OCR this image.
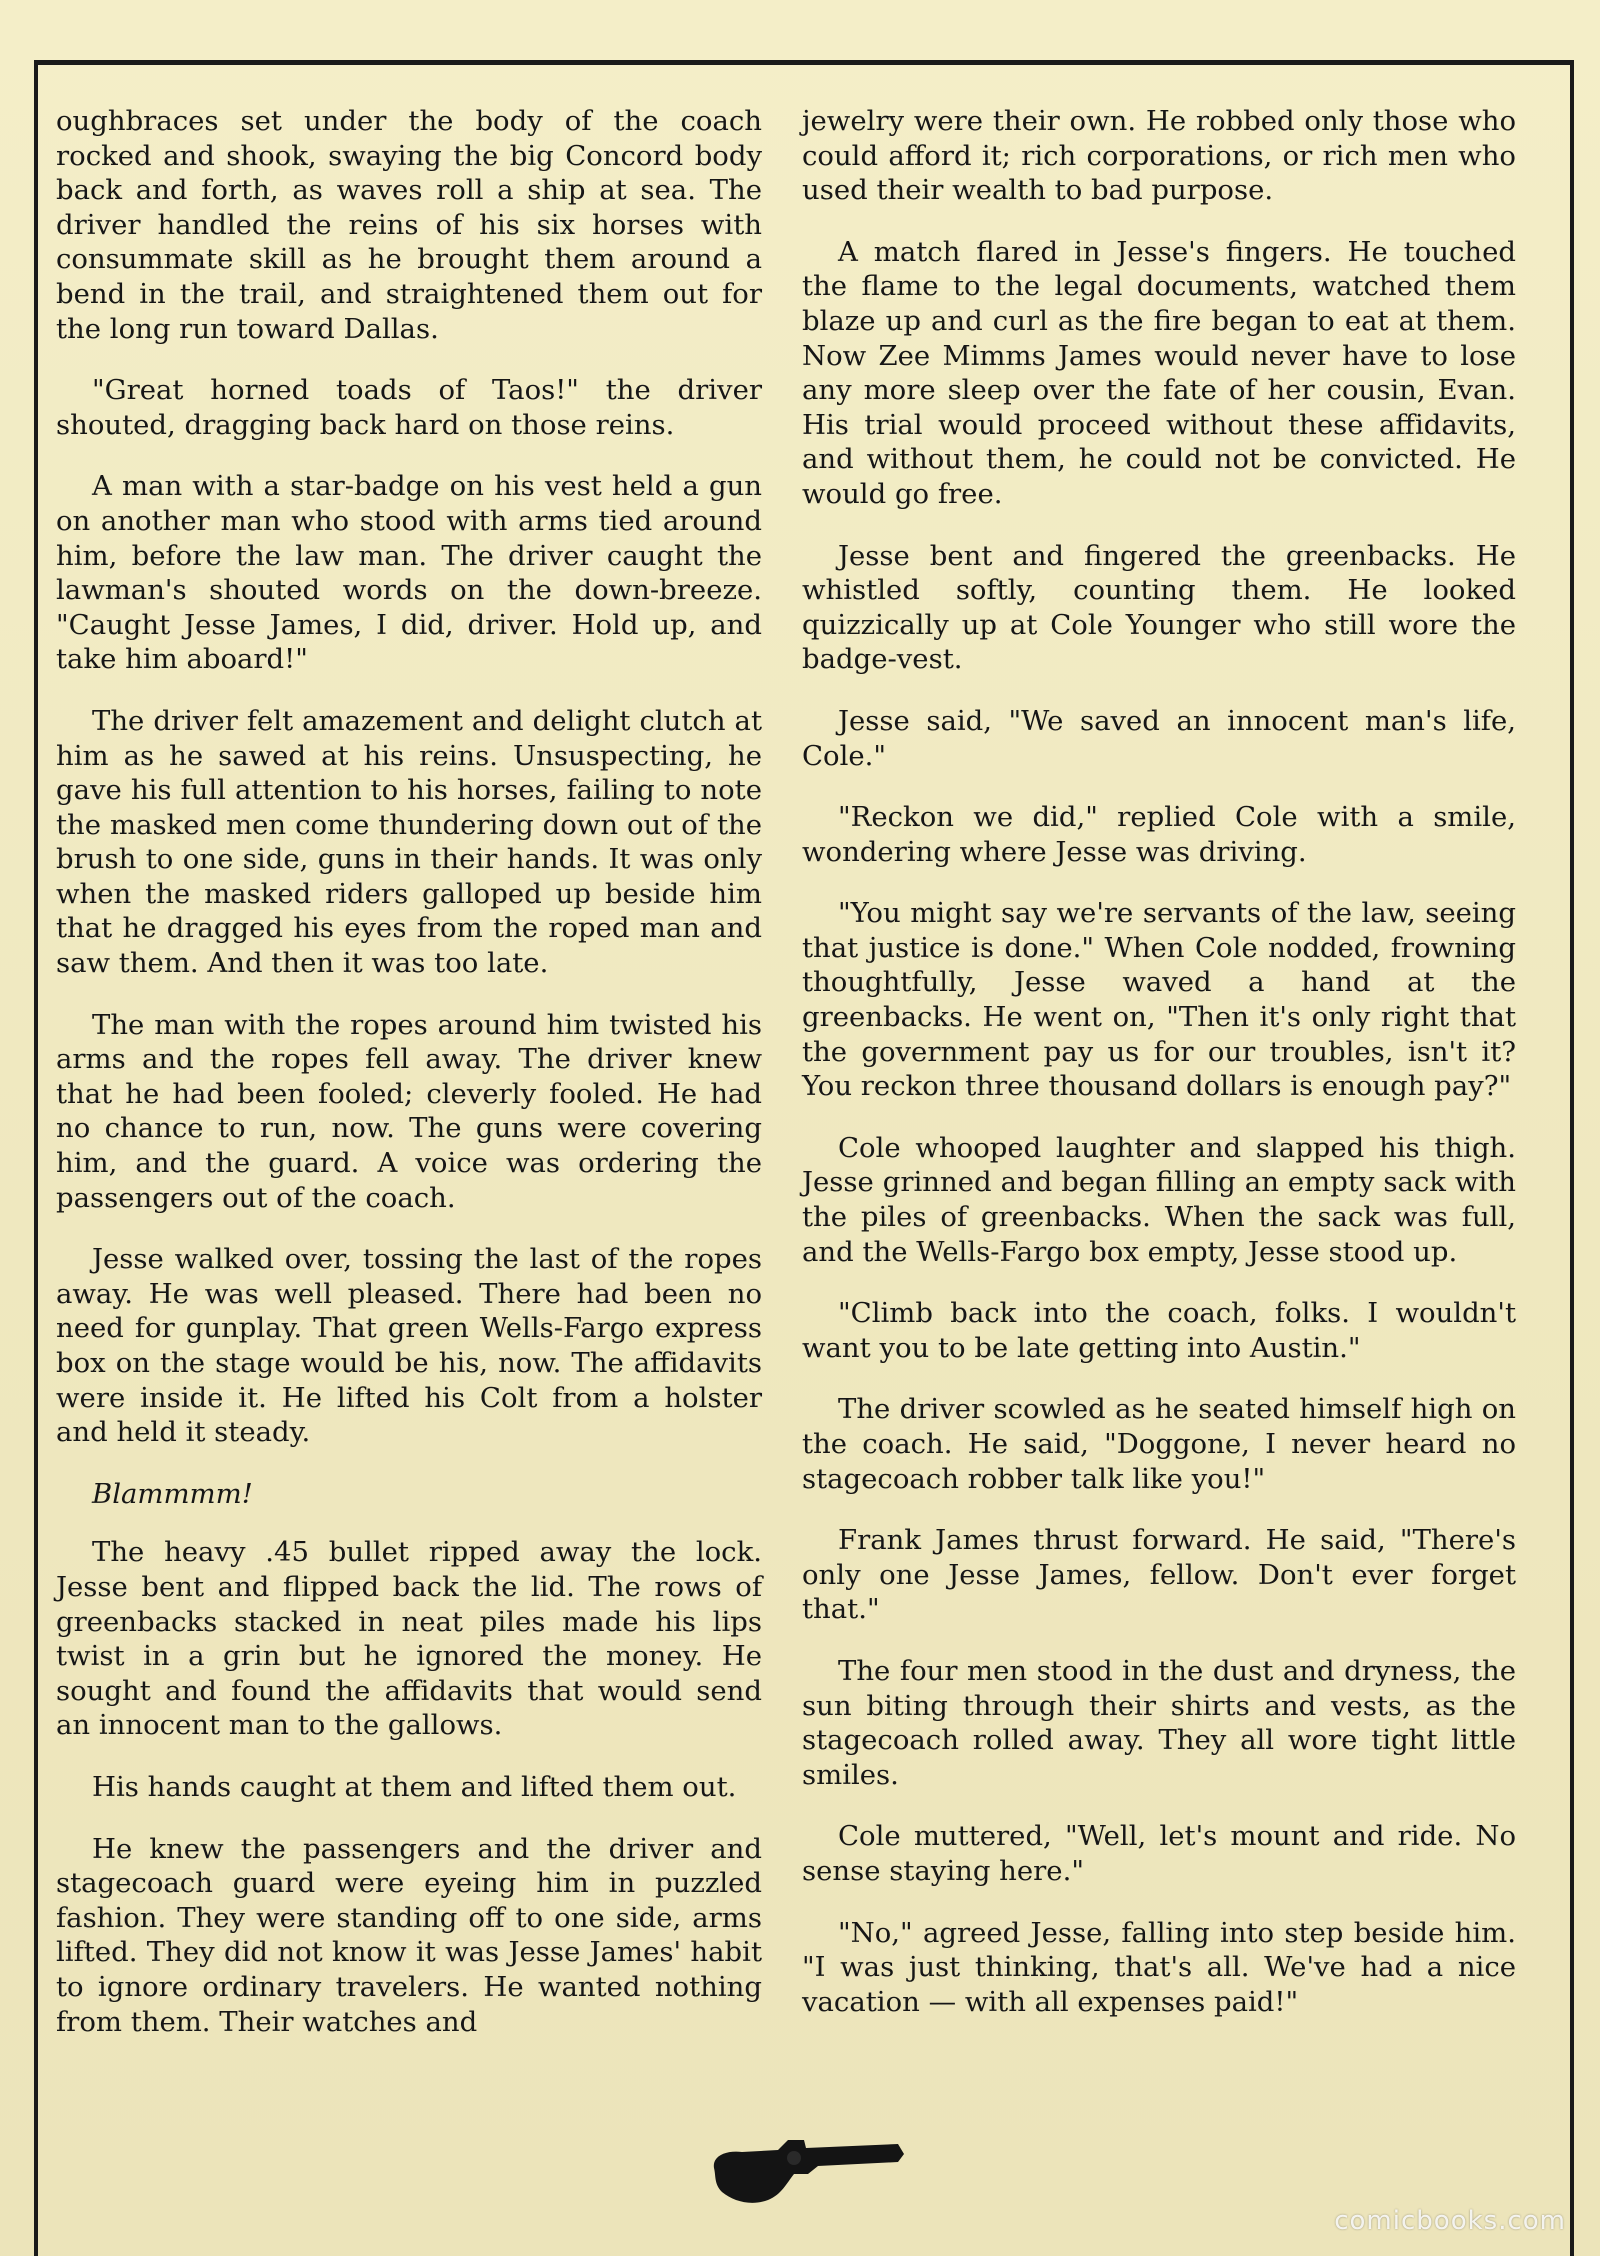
oughbraces set under the body of the coach rocked and shook, swaying the big Concord body back and forth, as waves roll a ship at sea. The driver handled the reins of his six horses with consummate skill as he brought them around a bend in the trail, and straightened them out for the long run toward Dallas.

"Great horned toads of Taos!" the driver shouted, dragging back hard on those reins.

A man with a star-badge on his vest held a gun on another man who stood with arms tied around him, before the law man. The driver caught the lawman's shouted words on the down-breeze. "Caught Jesse James, I did, driver. Hold up, and take him aboard!"

The driver felt amazement and delight clutch at him as he sawed at his reins. Unsuspecting, he gave his full attention to his horses, failing to note the masked men come thundering down out of the brush to one side, guns in their hands. It was only when the masked riders galloped up beside him that he dragged his eyes from the roped man and saw them. And then it was too late.

The man with the ropes around him twisted his arms and the ropes fell away. The driver knew that he had been fooled; cleverly fooled. He had no chance to run, now. The guns were covering him, and the guard. A voice was ordering the passengers out of the coach.

Jesse walked over, tossing the last of the ropes away. He was well pleased. There had been no need for gunplay. That green Wells-Fargo express box on the stage would be his, now. The affidavits were inside it. He lifted his Colt from a holster and held it steady.

Blammmm!

The heavy .45 bullet ripped away the lock. Jesse bent and flipped back the lid. The rows of greenbacks stacked in neat piles made his lips twist in a grin but he ignored the money. He sought and found the affidavits that would send an innocent man to the gallows.

His hands caught at them and lifted them out.

He knew the passengers and the driver and stagecoach guard were eyeing him in puzzled fashion. They were standing off to one side, arms lifted. They did not know it was Jesse James' habit to ignore ordinary travelers. He wanted nothing from them. Their watches and

jewelry were their own. He robbed only those who could afford it; rich corporations, or rich men who used their wealth to bad purpose.

A match flared in Jesse's fingers. He touched the flame to the legal documents, watched them blaze up and curl as the fire began to eat at them. Now Zee Mimms James would never have to lose any more sleep over the fate of her cousin, Evan. His trial would proceed without these affidavits, and without them, he could not be convicted. He would go free.

Jesse bent and fingered the greenbacks. He whistled softly, counting them. He looked quizzically up at Cole Younger who still wore the badge-vest.

Jesse said, "We saved an innocent man's life, Cole."

"Reckon we did," replied Cole with a smile, wondering where Jesse was driving.

"You might say we're servants of the law, seeing that justice is done." When Cole nodded, frowning thoughtfully, Jesse waved a hand at the greenbacks. He went on, "Then it's only right that the government pay us for our troubles, isn't it? You reckon three thousand dollars is enough pay?"

Cole whooped laughter and slapped his thigh. Jesse grinned and began filling an empty sack with the piles of greenbacks. When the sack was full, and the Wells-Fargo box empty, Jesse stood up.

"Climb back into the coach, folks. I wouldn't want you to be late getting into Austin."

The driver scowled as he seated himself high on the coach. He said, "Doggone, I never heard no stagecoach robber talk like you!"

Frank James thrust forward. He said, "There's only one Jesse James, fellow. Don't ever forget that."

The four men stood in the dust and dryness, the sun biting through their shirts and vests, as the stagecoach rolled away. They all wore tight little smiles.

Cole muttered, "Well, let's mount and ride. No sense staying here."

"No," agreed Jesse, falling into step beside him. "I was just thinking, that's all. We've had a nice vacation — with all expenses paid!"

comicbooks.com
